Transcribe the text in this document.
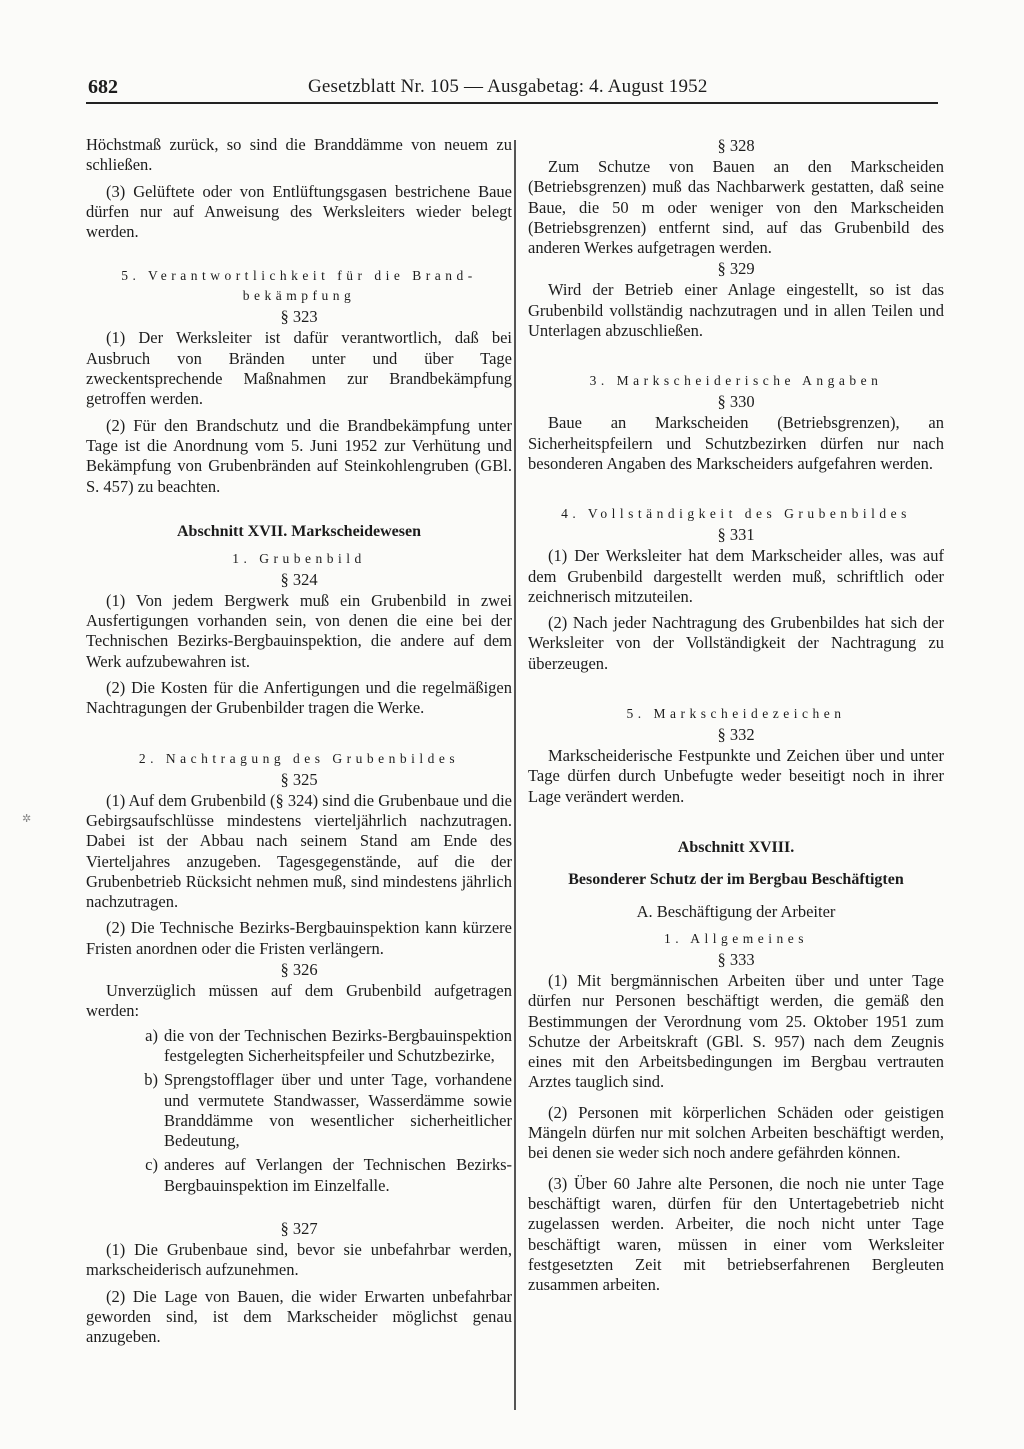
682	Gesetzblatt Nr. 105 — Ausgabetag: 4. August 1952
✲

Höchstmaß zurück, so sind die Branddämme von neuem zu schließen.

(3) Gelüftete oder von Entlüftungsgasen bestrichene Baue dürfen nur auf Anweisung des Werksleiters wieder belegt werden.

5. Verantwortlichkeit für die Brand-
bekämpfung
§ 323

(1) Der Werksleiter ist dafür verantwortlich, daß bei Ausbruch von Bränden unter und über Tage zweckentsprechende Maßnahmen zur Brandbekämpfung getroffen werden.

(2) Für den Brandschutz und die Brandbekämpfung unter Tage ist die Anordnung vom 5. Juni 1952 zur Verhütung und Bekämpfung von Grubenbränden auf Steinkohlengruben (GBl. S. 457) zu beachten.

Abschnitt XVII. Markscheidewesen
1. Grubenbild
§ 324

(1) Von jedem Bergwerk muß ein Grubenbild in zwei Ausfertigungen vorhanden sein, von denen die eine bei der Technischen Bezirks-Bergbauinspektion, die andere auf dem Werk aufzubewahren ist.

(2) Die Kosten für die Anfertigungen und die regelmäßigen Nachtragungen der Grubenbilder tragen die Werke.

2. Nachtragung des Grubenbildes
§ 325

(1) Auf dem Grubenbild (§ 324) sind die Grubenbaue und die Gebirgsaufschlüsse mindestens vierteljährlich nachzutragen. Dabei ist der Abbau nach seinem Stand am Ende des Vierteljahres anzugeben. Tagesgegenstände, auf die der Grubenbetrieb Rücksicht nehmen muß, sind mindestens jährlich nachzutragen.

(2) Die Technische Bezirks-Bergbauinspektion kann kürzere Fristen anordnen oder die Fristen verlängern.

§ 326

Unverzüglich müssen auf dem Grubenbild aufgetragen werden:

a) die von der Technischen Bezirks-Bergbauinspektion festgelegten Sicherheitspfeiler und Schutzbezirke,
b) Sprengstofflager über und unter Tage, vorhandene und vermutete Standwasser, Wasserdämme sowie Branddämme von wesentlicher sicherheitlicher Bedeutung,
c) anderes auf Verlangen der Technischen Bezirks-Bergbauinspektion im Einzelfalle.
§ 327

(1) Die Grubenbaue sind, bevor sie unbefahrbar werden, markscheiderisch aufzunehmen.

(2) Die Lage von Bauen, die wider Erwarten unbefahrbar geworden sind, ist dem Markscheider möglichst genau anzugeben.

§ 328

Zum Schutze von Bauen an den Markscheiden (Betriebsgrenzen) muß das Nachbarwerk gestatten, daß seine Baue, die 50 m oder weniger von den Markscheiden (Betriebsgrenzen) entfernt sind, auf das Grubenbild des anderen Werkes aufgetragen werden.

§ 329

Wird der Betrieb einer Anlage eingestellt, so ist das Grubenbild vollständig nachzutragen und in allen Teilen und Unterlagen abzuschließen.

3. Markscheiderische Angaben
§ 330

Baue an Markscheiden (Betriebsgrenzen), an Sicherheitspfeilern und Schutzbezirken dürfen nur nach besonderen Angaben des Markscheiders aufgefahren werden.

4. Vollständigkeit des Grubenbildes
§ 331

(1) Der Werksleiter hat dem Markscheider alles, was auf dem Grubenbild dargestellt werden muß, schriftlich oder zeichnerisch mitzuteilen.

(2) Nach jeder Nachtragung des Grubenbildes hat sich der Werksleiter von der Vollständigkeit der Nachtragung zu überzeugen.

5. Markscheidezeichen
§ 332

Markscheiderische Festpunkte und Zeichen über und unter Tage dürfen durch Unbefugte weder beseitigt noch in ihrer Lage verändert werden.

Abschnitt XVIII.
Besonderer Schutz der im Bergbau Beschäftigten
A. Beschäftigung der Arbeiter
1. Allgemeines
§ 333

(1) Mit bergmännischen Arbeiten über und unter Tage dürfen nur Personen beschäftigt werden, die gemäß den Bestimmungen der Verordnung vom 25. Oktober 1951 zum Schutze der Arbeitskraft (GBl. S. 957) nach dem Zeugnis eines mit den Arbeitsbedingungen im Bergbau vertrauten Arztes tauglich sind.

(2) Personen mit körperlichen Schäden oder geistigen Mängeln dürfen nur mit solchen Arbeiten beschäftigt werden, bei denen sie weder sich noch andere gefährden können.

(3) Über 60 Jahre alte Personen, die noch nie unter Tage beschäftigt waren, dürfen für den Untertagebetrieb nicht zugelassen werden. Arbeiter, die noch nicht unter Tage beschäftigt waren, müssen in einer vom Werksleiter festgesetzten Zeit mit betriebserfahrenen Bergleuten zusammen arbeiten.
